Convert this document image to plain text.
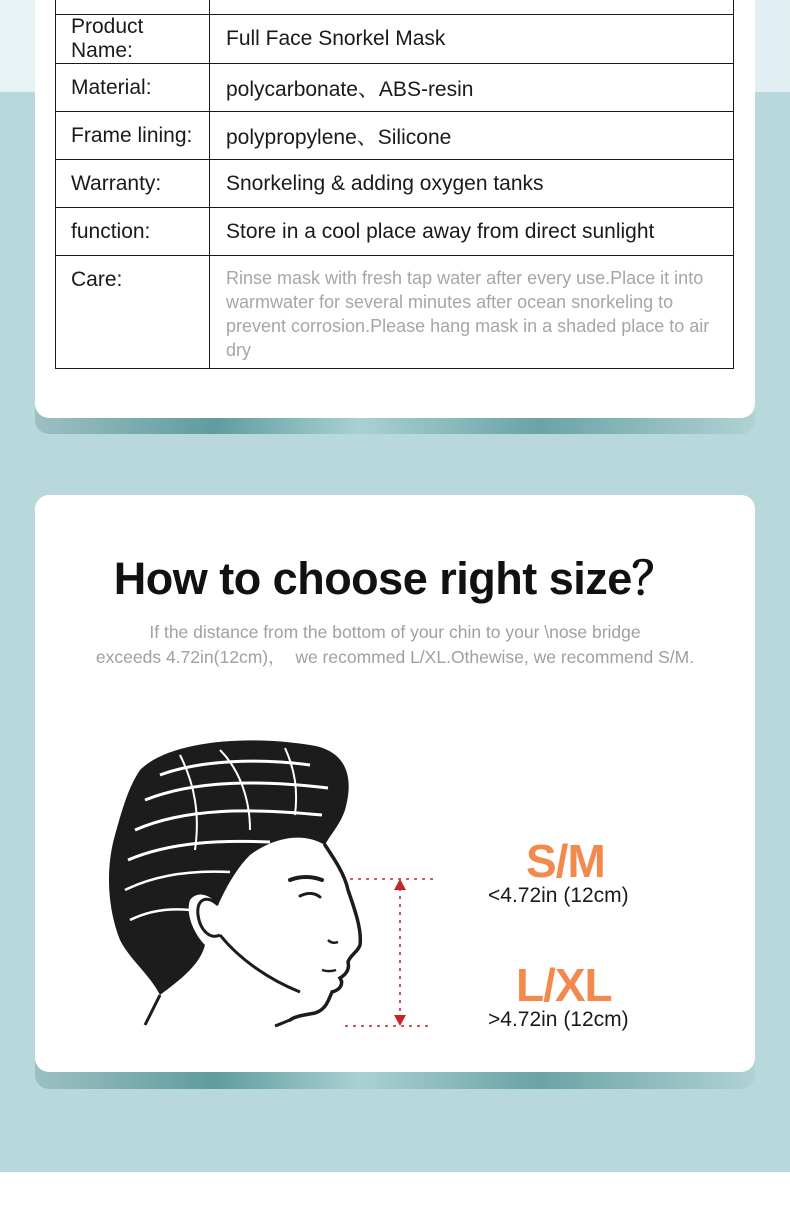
Product Name:	Full Face Snorkel Mask
Material:	polycarbonate、ABS-resin
Frame lining:	polypropylene、Silicone
Warranty:	Snorkeling & adding oxygen tanks
function:	Store in a cool place away from direct sunlight
Care:	Rinse mask with fresh tap water after every use.Place it into warmwater for several minutes after ocean snorkeling to prevent corrosion.Please hang mask in a shaded place to air dry
How to choose right size？
If the distance from the bottom of your chin to your \nose bridge
exceeds 4.72in(12cm)，  we recommed L/XL.Othewise, we recommend S/M.
S/M
<4.72in (12cm)
L/XL
>4.72in (12cm)
